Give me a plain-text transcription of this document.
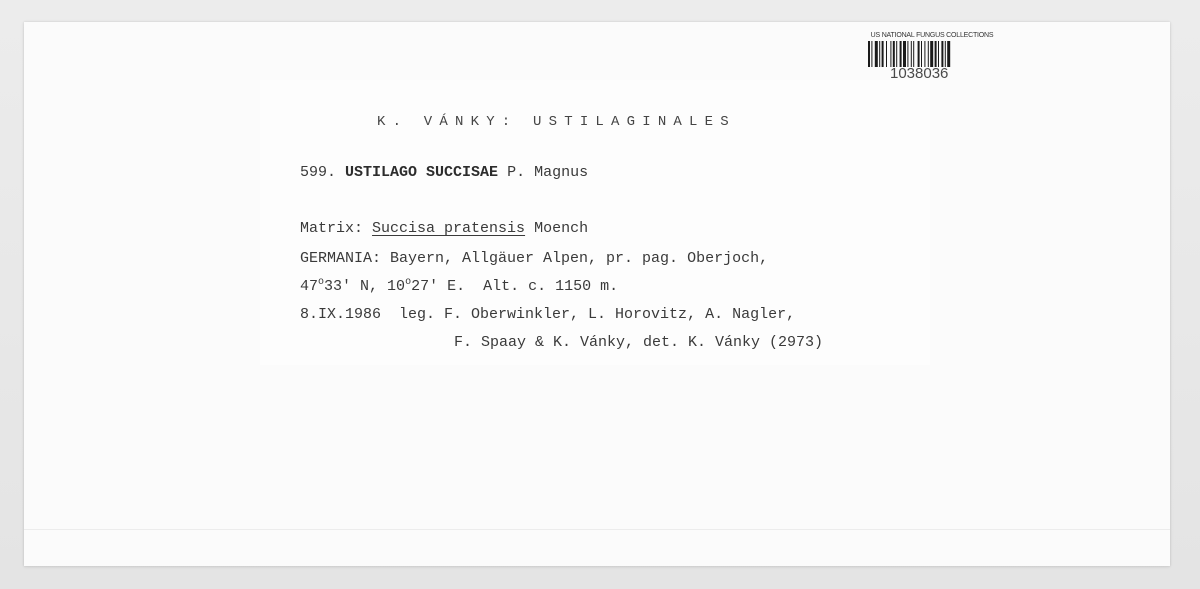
US NATIONAL FUNGUS COLLECTIONS
1038036
K. VÁNKY: USTILAGINALES
599. USTILAGO SUCCISAE P. Magnus
Matrix: Succisa pratensis Moench
GERMANIA: Bayern, Allgäuer Alpen, pr. pag. Oberjoch,
47$^o$33' N, 10$^o$27' E.  Alt. c. 1150 m.
8.IX.1986  leg. F. Oberwinkler, L. Horovitz, A. Nagler,
F. Spaay & K. Vánky, det. K. Vánky (2973)
